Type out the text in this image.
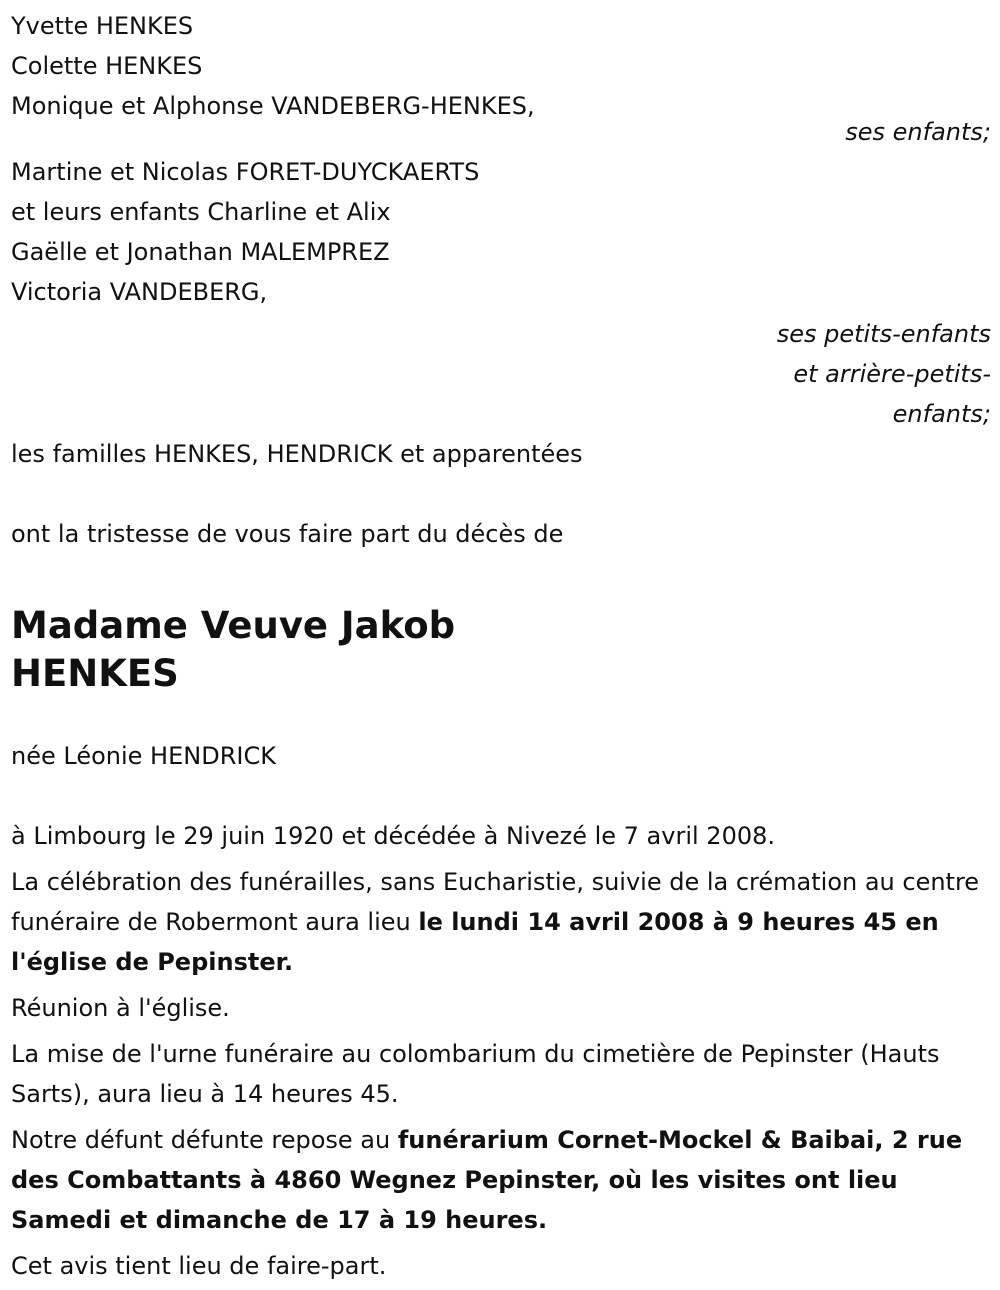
Yvette HENKES
Colette HENKES
Monique et Alphonse VANDEBERG-HENKES,
ses enfants;
Martine et Nicolas FORET-DUYCKAERTS
et leurs enfants Charline et Alix
Gaëlle et Jonathan MALEMPREZ
Victoria VANDEBERG,
ses petits-enfants
et arrière-petits-
enfants;
les familles HENKES, HENDRICK et apparentées
ont la tristesse de vous faire part du décès de
Madame Veuve Jakob
HENKES
née Léonie HENDRICK

à Limbourg le 29 juin 1920 et décédée à Nivezé le 7 avril 2008.

La célébration des funérailles, sans Eucharistie, suivie de la crémation au centre funéraire de Robermont aura lieu le lundi 14 avril 2008 à 9 heures 45 en l'église de Pepinster.

Réunion à l'église.

La mise de l'urne funéraire au colombarium du cimetière de Pepinster (Hauts Sarts), aura lieu à 14 heures 45.

Notre défunt défunte repose au funérarium Cornet-Mockel & Baibai, 2 rue des Combattants à 4860 Wegnez Pepinster, où les visites ont lieu Samedi et dimanche de 17 à 19 heures.

Cet avis tient lieu de faire-part.
